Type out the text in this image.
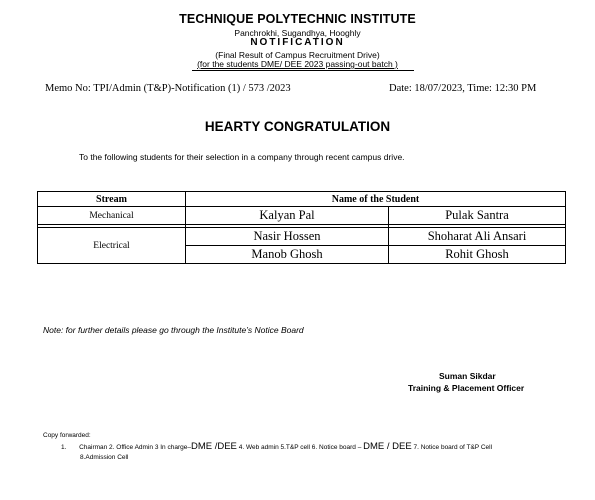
TECHNIQUE POLYTECHNIC INSTITUTE
Panchrokhi, Sugandhya, Hooghly
NOTIFICATION
(Final Result of Campus Recruitment Drive)
(for the students DME/ DEE 2023 passing-out batch )
Memo No: TPI/Admin (T&P)-Notification (1) / 573 /2023	Date: 18/07/2023, Time: 12:30 PM
HEARTY CONGRATULATION
To the following students for their selection in a company through recent campus drive.
Stream	Name of the Student	
Mechanical	Kalyan Pal	Pulak Santra

Electrical	Nasir Hossen	Shoharat Ali Ansari
	Manob Ghosh	Rohit Ghosh
Note: for further details please go through the Institute’s Notice Board
Suman Sikdar
Training & Placement Officer
Copy forwarded:
1. Chairman 2. Office Admin 3 In charge–DME /DEE 4. Web admin 5.T&P cell 6. Notice board – DME / DEE 7. Notice board of T&P Cell
8.Admission Cell
